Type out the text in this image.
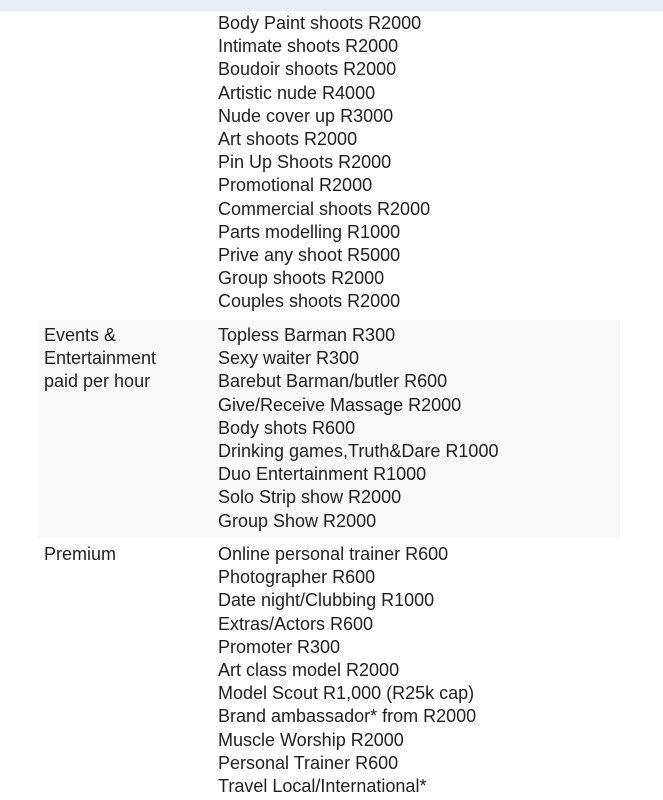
Body Paint shoots R2000
Intimate shoots R2000
Boudoir shoots R2000
Artistic nude R4000
Nude cover up R3000
Art shoots R2000
Pin Up Shoots R2000
Promotional R2000
Commercial shoots R2000
Parts modelling R1000
Prive any shoot R5000
Group shoots R2000
Couples shoots R2000
Events &
Entertainment
paid per hour
Topless Barman R300
Sexy waiter R300
Barebut Barman/butler R600
Give/Receive Massage R2000
Body shots R600
Drinking games,Truth&Dare R1000
Duo Entertainment R1000
Solo Strip show R2000
Group Show R2000
Premium	Online personal trainer R600
Photographer R600
Date night/Clubbing R1000
Extras/Actors R600
Promoter R300
Art class model R2000
Model Scout R1,000 (R25k cap)
Brand ambassador* from R2000
Muscle Worship R2000
Personal Trainer R600
Travel Local/International*
